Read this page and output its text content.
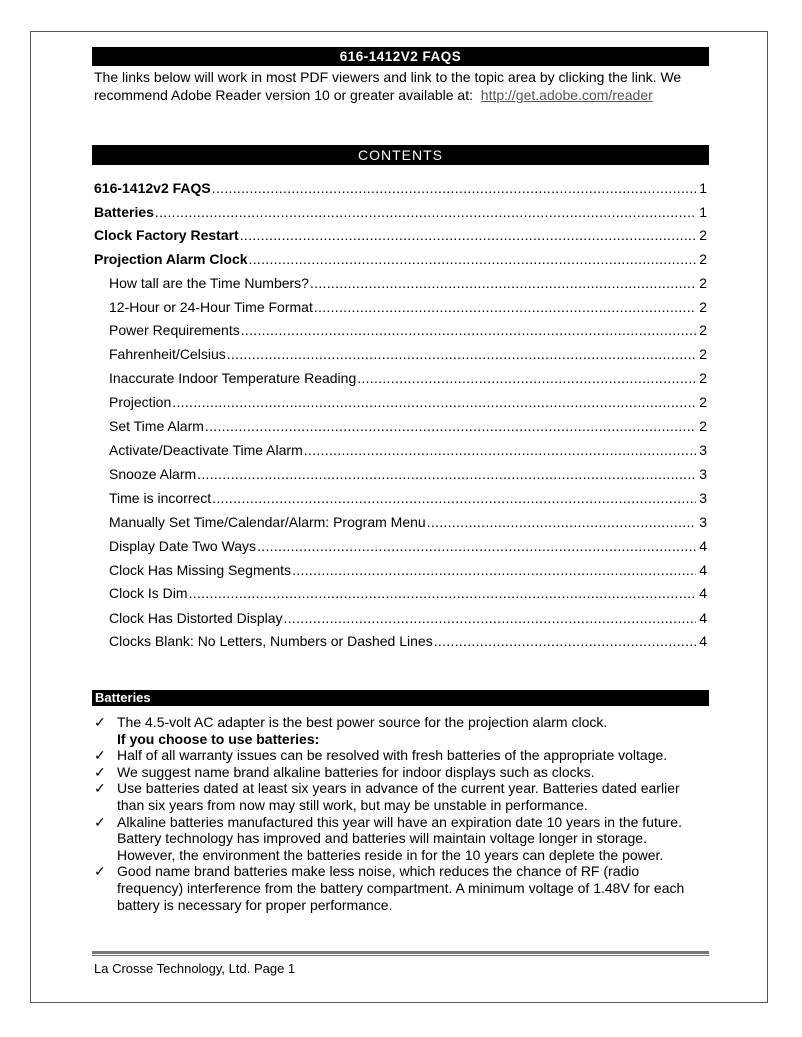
616-1412V2 FAQS
The links below will work in most PDF viewers and link to the topic area by clicking the link. We recommend Adobe Reader version 10 or greater available at: http://get.adobe.com/reader
CONTENTS
616-1412v2 FAQS .....	1
Batteries .....	1
Clock Factory Restart .....	2
Projection Alarm Clock .....	2
How tall are the Time Numbers? .....	2
12-Hour or 24-Hour Time Format .....	2
Power Requirements .....	2
Fahrenheit/Celsius .....	2
Inaccurate Indoor Temperature Reading .....	2
Projection .....	2
Set Time Alarm .....	2
Activate/Deactivate Time Alarm .....	3
Snooze Alarm .....	3
Time is incorrect .....	3
Manually Set Time/Calendar/Alarm: Program Menu .....	3
Display Date Two Ways .....	4
Clock Has Missing Segments .....	4
Clock Is Dim .....	4
Clock Has Distorted Display .....	4
Clocks Blank: No Letters, Numbers or Dashed Lines .....	4
Batteries
✓ The 4.5-volt AC adapter is the best power source for the projection alarm clock.
If you choose to use batteries:
✓ Half of all warranty issues can be resolved with fresh batteries of the appropriate voltage.
✓ We suggest name brand alkaline batteries for indoor displays such as clocks.
✓ Use batteries dated at least six years in advance of the current year. Batteries dated earlier than six years from now may still work, but may be unstable in performance.
✓ Alkaline batteries manufactured this year will have an expiration date 10 years in the future. Battery technology has improved and batteries will maintain voltage longer in storage. However, the environment the batteries reside in for the 10 years can deplete the power.
✓ Good name brand batteries make less noise, which reduces the chance of RF (radio frequency) interference from the battery compartment. A minimum voltage of 1.48V for each battery is necessary for proper performance.
La Crosse Technology, Ltd. Page 1
